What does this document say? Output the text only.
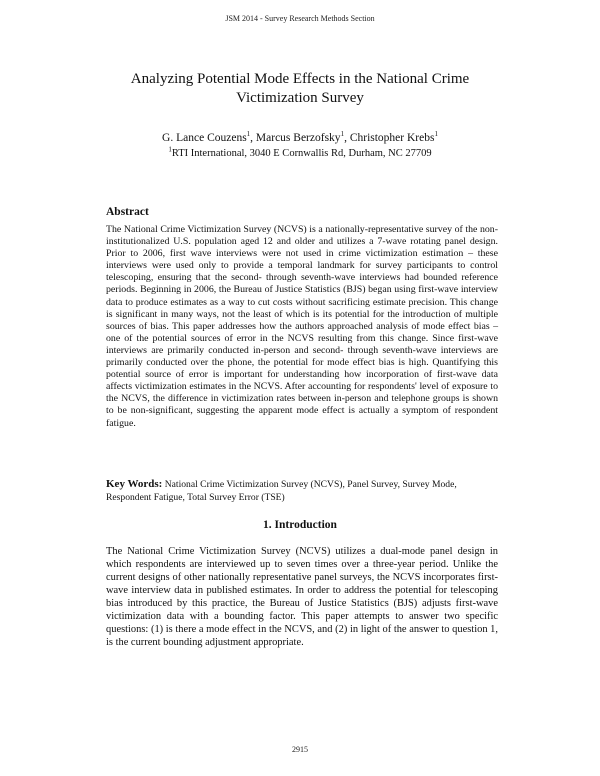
JSM 2014 - Survey Research Methods Section
Analyzing Potential Mode Effects in the National Crime Victimization Survey
G. Lance Couzens$^1$, Marcus Berzofsky$^1$, Christopher Krebs$^1$
$^1$RTI International, 3040 E Cornwallis Rd, Durham, NC 27709
Abstract
The National Crime Victimization Survey (NCVS) is a nationally-representative survey of the non-institutionalized U.S. population aged 12 and older and utilizes a 7-wave rotating panel design. Prior to 2006, first wave interviews were not used in crime victimization estimation – these interviews were used only to provide a temporal landmark for survey participants to control telescoping, ensuring that the second- through seventh-wave interviews had bounded reference periods. Beginning in 2006, the Bureau of Justice Statistics (BJS) began using first-wave interview data to produce estimates as a way to cut costs without sacrificing estimate precision. This change is significant in many ways, not the least of which is its potential for the introduction of multiple sources of bias. This paper addresses how the authors approached analysis of mode effect bias – one of the potential sources of error in the NCVS resulting from this change. Since first-wave interviews are primarily conducted in-person and second- through seventh-wave interviews are primarily conducted over the phone, the potential for mode effect bias is high. Quantifying this potential source of error is important for understanding how incorporation of first-wave data affects victimization estimates in the NCVS. After accounting for respondents' level of exposure to the NCVS, the difference in victimization rates between in-person and telephone groups is shown to be non-significant, suggesting the apparent mode effect is actually a symptom of respondent fatigue.
Key Words: National Crime Victimization Survey (NCVS), Panel Survey, Survey Mode, Respondent Fatigue, Total Survey Error (TSE)
1. Introduction
The National Crime Victimization Survey (NCVS) utilizes a dual-mode panel design in which respondents are interviewed up to seven times over a three-year period. Unlike the current designs of other nationally representative panel surveys, the NCVS incorporates first-wave interview data in published estimates. In order to address the potential for telescoping bias introduced by this practice, the Bureau of Justice Statistics (BJS) adjusts first-wave victimization data with a bounding factor. This paper attempts to answer two specific questions: (1) is there a mode effect in the NCVS, and (2) in light of the answer to question 1, is the current bounding adjustment appropriate.
2915
